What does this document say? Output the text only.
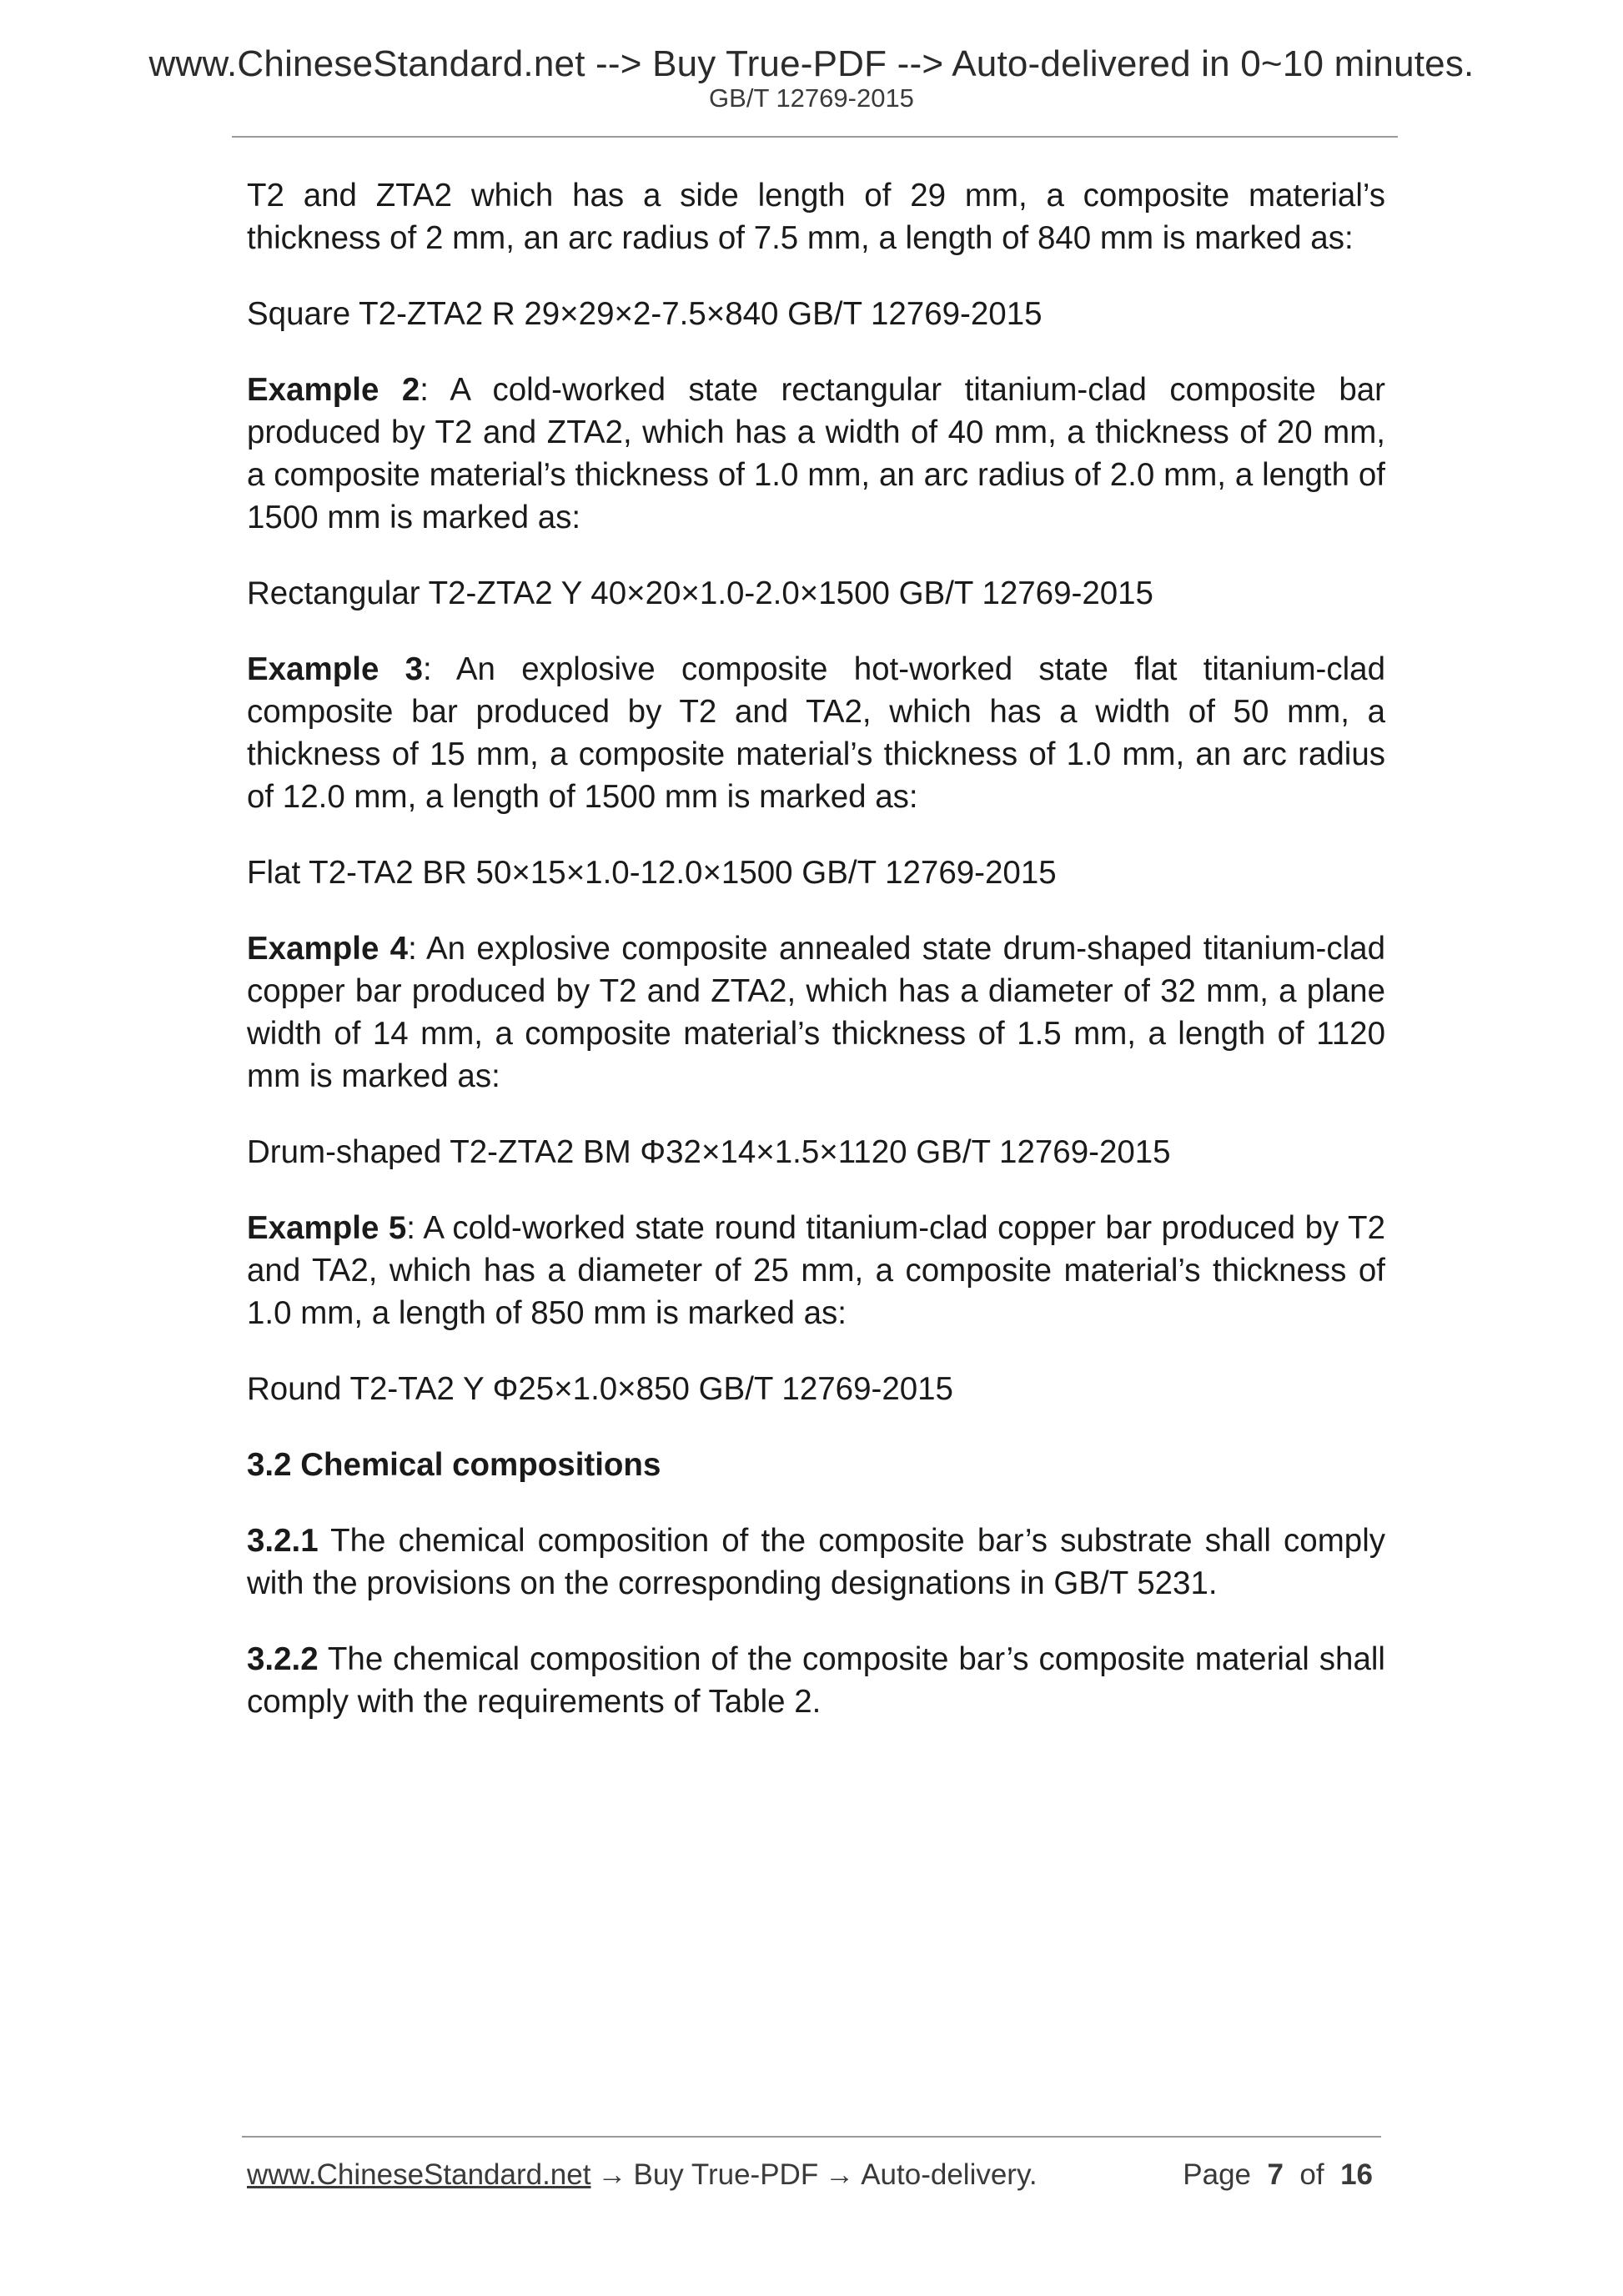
www.ChineseStandard.net --> Buy True-PDF --> Auto-delivered in 0~10 minutes.
GB/T 12769-2015

T2 and ZTA2 which has a side length of 29 mm, a composite material’s thickness of 2 mm, an arc radius of 7.5 mm, a length of 840 mm is marked as:

Square T2-ZTA2 R 29×29×2-7.5×840 GB/T 12769-2015

Example 2: A cold-worked state rectangular titanium-clad composite bar produced by T2 and ZTA2, which has a width of 40 mm, a thickness of 20 mm, a composite material’s thickness of 1.0 mm, an arc radius of 2.0 mm, a length of 1500 mm is marked as:

Rectangular T2-ZTA2 Y 40×20×1.0-2.0×1500 GB/T 12769-2015

Example 3: An explosive composite hot-worked state flat titanium-clad composite bar produced by T2 and TA2, which has a width of 50 mm, a thickness of 15 mm, a composite material’s thickness of 1.0 mm, an arc radius of 12.0 mm, a length of 1500 mm is marked as:

Flat T2-TA2 BR 50×15×1.0-12.0×1500 GB/T 12769-2015

Example 4: An explosive composite annealed state drum-shaped titanium-clad copper bar produced by T2 and ZTA2, which has a diameter of 32 mm, a plane width of 14 mm, a composite material’s thickness of 1.5 mm, a length of 1120 mm is marked as:

Drum-shaped T2-ZTA2 BM Φ32×14×1.5×1120 GB/T 12769-2015

Example 5: A cold-worked state round titanium-clad copper bar produced by T2 and TA2, which has a diameter of 25 mm, a composite material’s thickness of 1.0 mm, a length of 850 mm is marked as:

Round T2-TA2 Y Φ25×1.0×850 GB/T 12769-2015

3.2 Chemical compositions

3.2.1 The chemical composition of the composite bar’s substrate shall comply with the provisions on the corresponding designations in GB/T 5231.

3.2.2 The chemical composition of the composite bar’s composite material shall comply with the requirements of Table 2.

www.ChineseStandard.net → Buy True-PDF → Auto-delivery.	Page 7 of 16
